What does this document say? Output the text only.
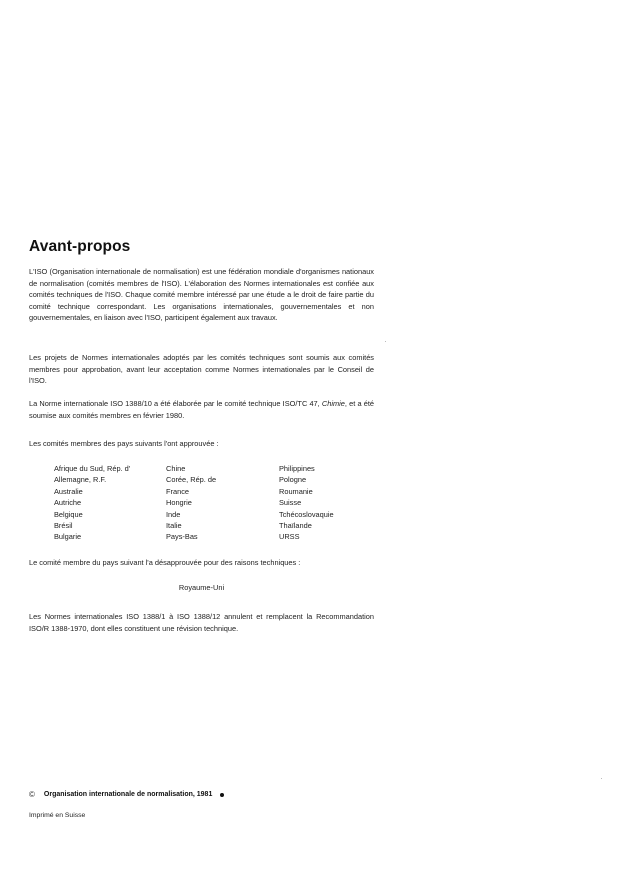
Avant-propos

L'ISO (Organisation internationale de normalisation) est une fédération mondiale d'organismes nationaux de normalisation (comités membres de l'ISO). L'élaboration des Normes internationales est confiée aux comités techniques de l'ISO. Chaque comité membre intéressé par une étude a le droit de faire partie du comité technique correspondant. Les organisations internationales, gouvernementales et non gouvernementales, en liaison avec l'ISO, participent également aux travaux.

Les projets de Normes internationales adoptés par les comités techniques sont soumis aux comités membres pour approbation, avant leur acceptation comme Normes internationales par le Conseil de l'ISO.

La Norme internationale ISO 1388/10 a été élaborée par le comité technique ISO/TC 47, Chimie, et a été soumise aux comités membres en février 1980.

Les comités membres des pays suivants l'ont approuvée :

Afrique du Sud, Rép. d'
Allemagne, R.F.
Australie
Autriche
Belgique
Brésil
Bulgarie
Chine
Corée, Rép. de
France
Hongrie
Inde
Italie
Pays-Bas
Philippines
Pologne
Roumanie
Suisse
Tchécoslovaquie
Thaïlande
URSS

Le comité membre du pays suivant l'a désapprouvée pour des raisons techniques :

Royaume-Uni

Les Normes internationales ISO 1388/1 à ISO 1388/12 annulent et remplacent la Recommandation ISO/R 1388-1970, dont elles constituent une révision technique.

© Organisation internationale de normalisation, 1981
Imprimé en Suisse
